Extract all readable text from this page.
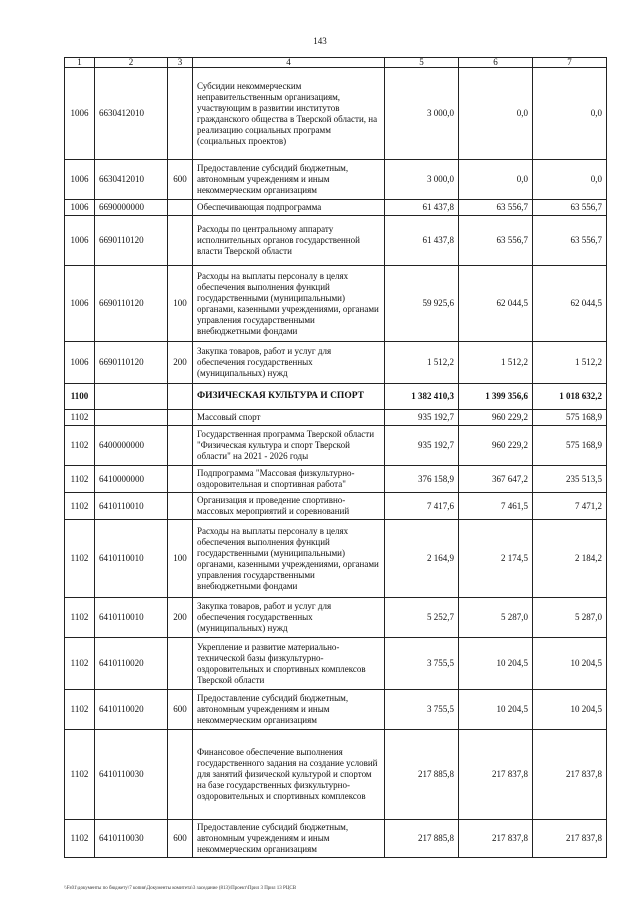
143
1	2	3	4	5	6	7
1006	6630412010		Субсидии некоммерческим неправительственным организациям, участвующим в развитии институтов гражданского общества в Тверской области, на реализацию социальных программ (социальных проектов)	3 000,0	0,0	0,0
1006	6630412010	600	Предоставление субсидий бюджетным, автономным учреждениям и иным некоммерческим организациям	3 000,0	0,0	0,0
1006	6690000000		Обеспечивающая подпрограмма	61 437,8	63 556,7	63 556,7
1006	6690110120		Расходы по центральному аппарату исполнительных органов государственной власти Тверской области	61 437,8	63 556,7	63 556,7
1006	6690110120	100	Расходы на выплаты персоналу в целях обеспечения выполнения функций государственными (муниципальными) органами, казенными учреждениями, органами управления государственными внебюджетными фондами	59 925,6	62 044,5	62 044,5
1006	6690110120	200	Закупка товаров, работ и услуг для обеспечения государственных (муниципальных) нужд	1 512,2	1 512,2	1 512,2
1100			ФИЗИЧЕСКАЯ КУЛЬТУРА И СПОРТ	1 382 410,3	1 399 356,6	1 018 632,2
1102			Массовый спорт	935 192,7	960 229,2	575 168,9
1102	6400000000		Государственная программа Тверской области "Физическая культура и спорт Тверской области" на 2021 - 2026 годы	935 192,7	960 229,2	575 168,9
1102	6410000000		Подпрограмма "Массовая физкультурно-оздоровительная и спортивная работа"	376 158,9	367 647,2	235 513,5
1102	6410110010		Организация и проведение спортивно-массовых мероприятий и соревнований	7 417,6	7 461,5	7 471,2
1102	6410110010	100	Расходы на выплаты персоналу в целях обеспечения выполнения функций государственными (муниципальными) органами, казенными учреждениями, органами управления государственными внебюджетными фондами	2 164,9	2 174,5	2 184,2
1102	6410110010	200	Закупка товаров, работ и услуг для обеспечения государственных (муниципальных) нужд	5 252,7	5 287,0	5 287,0
1102	6410110020		Укрепление и развитие материально-технической базы физкультурно-оздоровительных и спортивных комплексов Тверской области	3 755,5	10 204,5	10 204,5
1102	6410110020	600	Предоставление субсидий бюджетным, автономным учреждениям и иным некоммерческим организациям	3 755,5	10 204,5	10 204,5
1102	6410110030		Финансовое обеспечение выполнения государственного задания на создание условий для занятий физической культурой и спортом на базе государственных физкультурно-оздоровительных и спортивных комплексов	217 885,8	217 837,8	217 837,8
1102	6410110030	600	Предоставление субсидий бюджетным, автономным учреждениям и иным некоммерческим организациям	217 885,8	217 837,8	217 837,8
\\Fs01\документы по бюджету\7 копия\Документы комитета\3 заседание (813)\Проект\Прил 3 Прил 13 РЦСВ
